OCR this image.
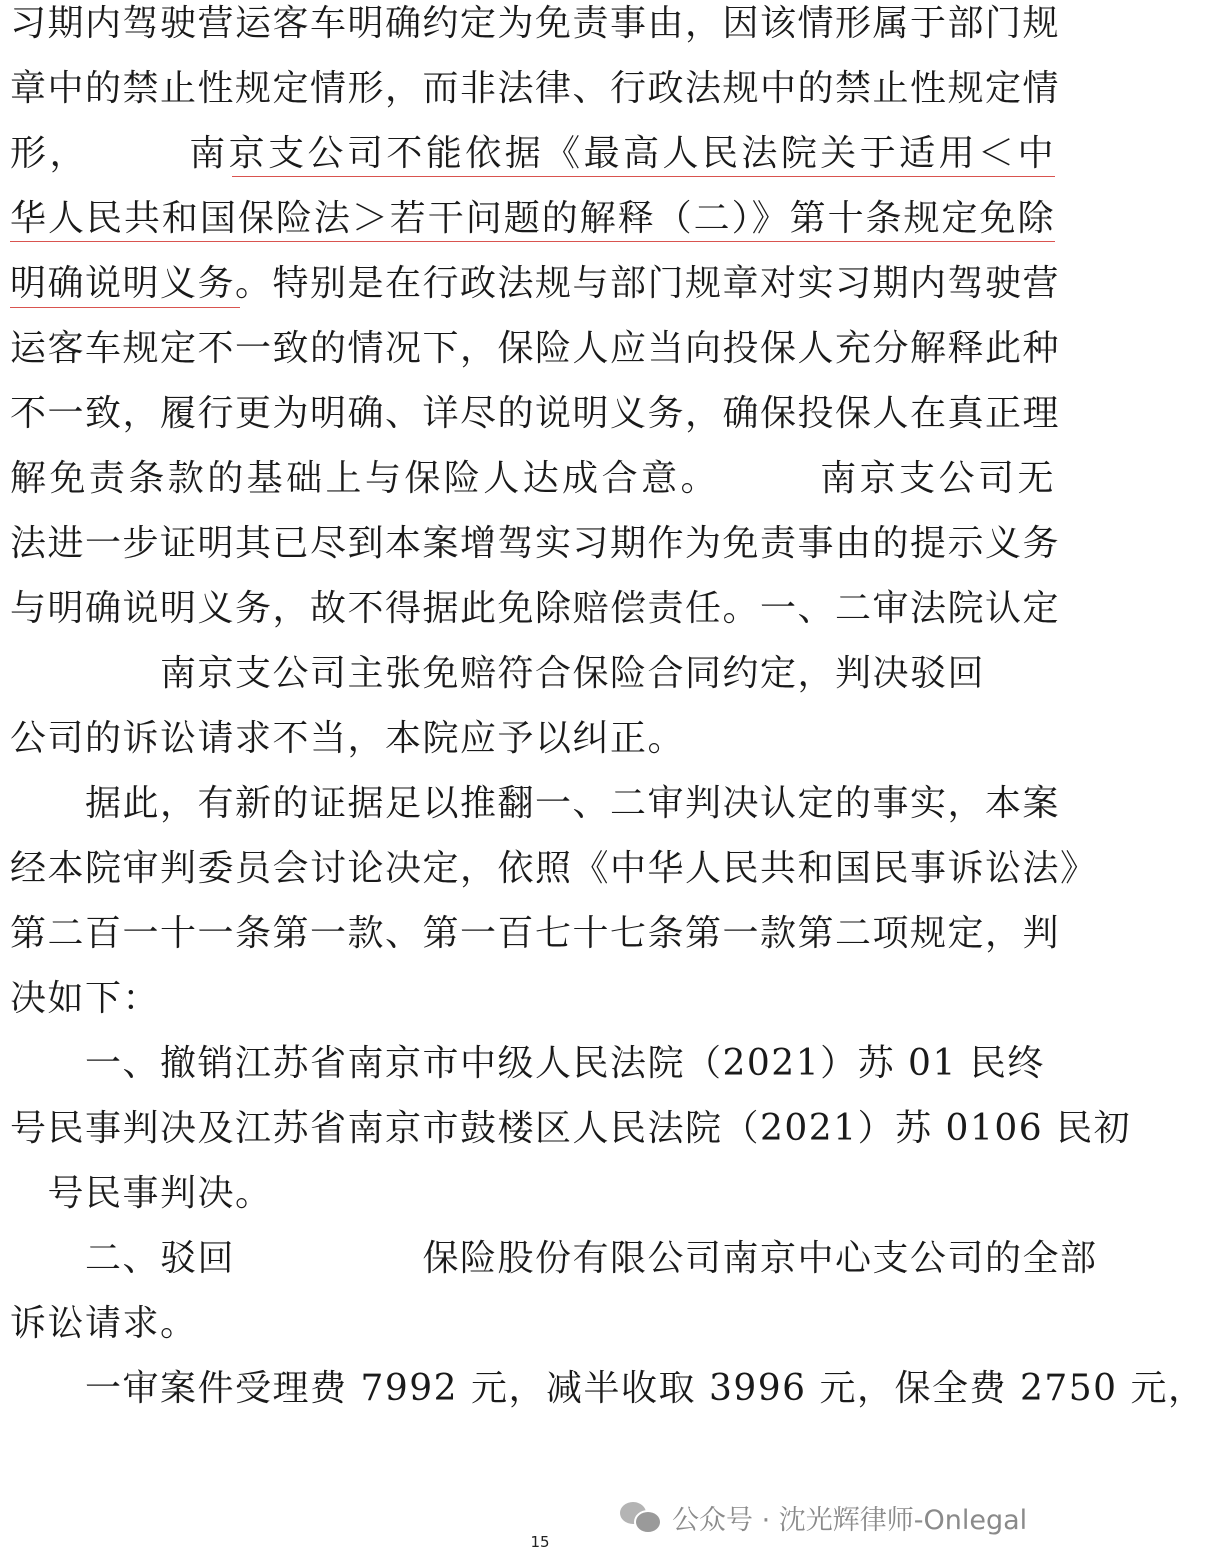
习期内驾驶营运客车明确约定为免责事由，因该情形属于部门规
章中的禁止性规定情形，而非法律、行政法规中的禁止性规定情
形，　　　南京支公司不能依据《最高人民法院关于适用＜中
华人民共和国保险法＞若干问题的解释（二）》第十条规定免除
明确说明义务。特别是在行政法规与部门规章对实习期内驾驶营
运客车规定不一致的情况下，保险人应当向投保人充分解释此种
不一致，履行更为明确、详尽的说明义务，确保投保人在真正理
解免责条款的基础上与保险人达成合意。　　　南京支公司无
法进一步证明其已尽到本案增驾实习期作为免责事由的提示义务
与明确说明义务，故不得据此免除赔偿责任。一、二审法院认定
　　　　南京支公司主张免赔符合保险合同约定，判决驳回
公司的诉讼请求不当，本院应予以纠正。
　　据此，有新的证据足以推翻一、二审判决认定的事实，本案
经本院审判委员会讨论决定，依照《中华人民共和国民事诉讼法》
第二百一十一条第一款、第一百七十七条第一款第二项规定，判
决如下：
　　一、撤销江苏省南京市中级人民法院（2021）苏 01 民终
号民事判决及江苏省南京市鼓楼区人民法院（2021）苏 0106 民初
　号民事判决。
　　二、驳回　　　　　保险股份有限公司南京中心支公司的全部
诉讼请求。
　　一审案件受理费 7992 元，减半收取 3996 元，保全费 2750 元，
公众号 · 沈光辉律师-Onlegal
15
